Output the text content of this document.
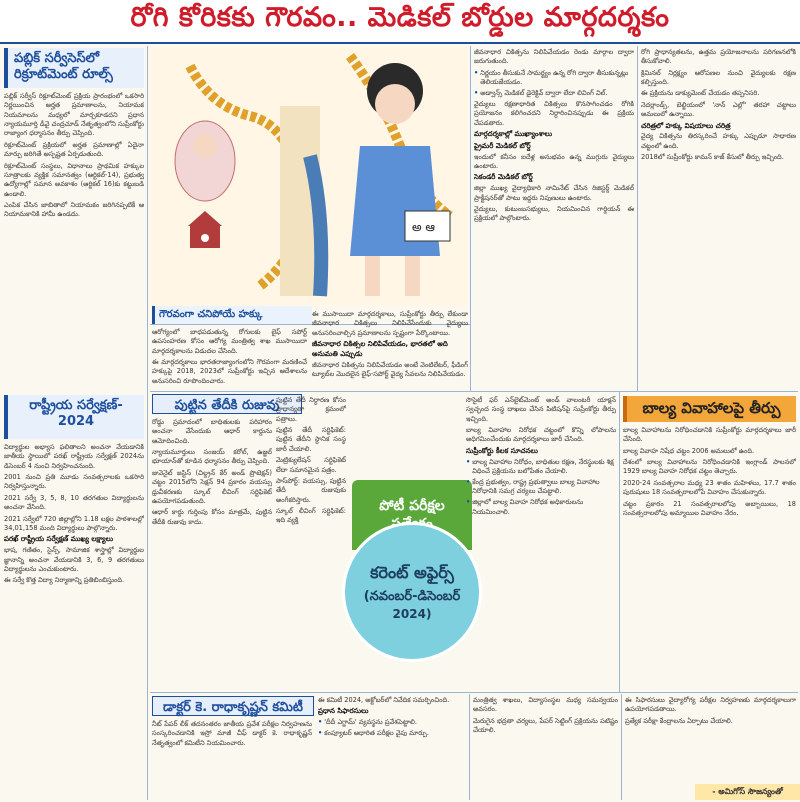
రోగి కోరికకు గౌరవం.. మెడికల్ బోర్డుల మార్గదర్శకం
పబ్లిక్ సర్వీసెస్‌లో రిక్రూట్‌మెంట్ రూల్స్

పబ్లిక్ సర్వీస్ రిక్రూట్‌మెంట్ ప్రక్రియ ప్రారంభంలో ఒకసారి నిర్ణయించిన అర్హత ప్రమాణాలను, నియామక నియమాలను మధ్యలో మార్చకూడదని ప్రధాన న్యాయమూర్తి డీవై చంద్రచూడ్ నేతృత్వంలోని సుప్రీంకోర్టు రాజ్యాంగ ధర్మాసనం తీర్పు చెప్పింది.

రిక్రూట్‌మెంట్ ప్రక్రియలో అర్హత ప్రమాణాల్లో ఏదైనా మార్పు జరిగితే అస్పష్టత ఏర్పడుతుంది.

రిక్రూట్‌మెంట్ సంస్థలు, విధానాలు ప్రాథమిక హక్కుల సూత్రాలకు వ్యక్తిక సమానత్వం (ఆర్టికల్-14), ప్రభుత్వ ఉద్యోగాల్లో సమాన అవకాశం (ఆర్టికల్ 16)కు కట్టుబడి ఉండాలి.

ఎంపిక చేసిన జాబితాలో నియామకం జరిగినప్పటికీ ఆ నియామకానికి హామీ ఉండదు.

రాష్ట్రీయ సర్వేక్షణ్-
2024

విద్యార్థుల అభ్యాస ఫలితాలని అంచనా వేయడానికి జాతీయ స్థాయిలో పరఖ్ రాష్ట్రీయ సర్వేక్షణ్ 2024ను డిసెంబర్ 4 నుంచి నిర్వహించనుంది.

2001 నుంచి ప్రతి మూడు సంవత్సరాలకు ఒకసారి నిర్వహిస్తున్నారు.

2021 సర్వే 3, 5, 8, 10 తరగతుల విద్యార్థులను అంచనా వేసింది.

2021 సర్వేలో 720 జిల్లాల్లోని 1.18 లక్షల పాఠశాలల్లో 34,01,158 మంది విద్యార్థులు పాల్గొన్నారు.

పరఖ్ రాష్ట్రీయ సర్వేక్షణ్ ముఖ్య లక్ష్యాలు

భాష, గణితం, సైన్స్, సామాజిక శాస్త్రాల్లో విద్యార్థుల జ్ఞానాన్ని అంచనా వేయడానికి 3, 6, 9 తరగతులు విద్యార్థులను ఎంచుకుంటారు.

ఈ సర్వే కొత్త విద్యా నిర్మాణాన్ని ప్రతిబింబిస్తుంది.

అ ఆ
గౌరవంగా చనిపోయే హక్కు

ఆరోగ్యంలో బాధపడుతున్న రోగులకు లైఫ్ సపోర్ట్ ఉపసంహరణ కోసం ఆరోగ్య మంత్రిత్వ శాఖ ముసాయిదా మార్గదర్శకాలను విడుదల చేసింది.

ఈ మార్గదర్శకాలు భారతరాజ్యాంగంలోని గౌరవంగా మరణించే హక్కుపై 2018, 2023లో సుప్రీంకోర్టు ఇచ్చిన ఆదేశాలను అనుసరించి రూపొందించారు.

ఈ ముసాయిదా మార్గదర్శకాలు, సుప్రీంకోర్టు తీర్పు లేకుండా జీవనాధార చికిత్సలు నిలిపివేసేందుకు వైద్యులు అనుసరించాల్సిన ప్రమాణాలను స్పష్టంగా పేర్కొంటాయి.

జీవనాధార చికిత్సల నిలిపివేయడం, భారతలో అది అనుమతి ఎప్పుడు

జీవనాధార చికిత్సను నిలిపివేయడం అంటే వెంటిలేటర్, ఫీడింగ్ ట్యూబ్‌ల మొదలైన లైఫ్-సపోర్ట్ వైద్య సేవలను నిలిపివేయడం.

జీవనాధార చికిత్సను నిలిపివేయడం రెండు మార్గాల ద్వారా జరుగుతుంది.

• నిర్ణయం తీసుకునే సామర్థ్యం ఉన్న రోగి ద్వారా తీసుకున్నట్లు తెలియజేయడం.
• అడ్వాన్స్ మెడికల్ డైరెక్టివ్ ద్వారా లేదా లివింగ్ విల్.

వైద్యులు రక్షణాధారిత చికిత్సలు కొనసాగించడం రోగికి ప్రయోజనం కలిగించదని నిర్ధారించినప్పుడు ఈ ప్రక్రియ చేపడతారు.

మార్గదర్శకాల్లో ముఖ్యాంశాలు
ప్రైమరీ మెడికల్ బోర్డ్

ఇందులో కనీసం ఐదేళ్ల అనుభవం ఉన్న ముగ్గురు వైద్యులు ఉంటారు.

సెకండరీ మెడికల్ బోర్డ్

జిల్లా ముఖ్య వైద్యాధికారి నామినేట్ చేసిన రిజిస్టర్డ్ మెడికల్ ప్రాక్టీషనర్‌తో పాటు ఇద్దరు నిపుణులు ఉంటారు.

వైద్యులు, కుటుంబసభ్యులు, నియమించిన గార్డియన్ ఈ ప్రక్రియలో పాల్గొంటారు.

రోగి ప్రాధాన్యతలను, ఉత్తమ ప్రయోజనాలను పరిగణనలోకి తీసుకోవాలి.

క్రిమినల్ నిర్లక్ష్యం ఆరోపణల నుంచి వైద్యులకు రక్షణ కల్పిస్తుంది.

ఈ ప్రక్రియను డాక్యుమెంట్ చేయడం తప్పనిసరి.

నెదర్లాండ్స్, బెల్జియంలో 'నాన్ ఎల్లో' తరహా చట్టాలు అమలులో ఉన్నాయి.

చరిత్రలో హక్కు విషయాలు చరిత్ర

వైద్య చికిత్సను తిరస్కరించే హక్కు ఎప్పుడూ సాధారణ చట్టంలో ఉంది.

2018లో సుప్రీంకోర్టు కామన్ కాజ్ కేసులో తీర్పు ఇచ్చింది.

పుట్టిన తేదీకి రుజువు

రోడ్డు ప్రమాదంలో బాధితులకు పరిహారం అంచనా వేసేందుకు ఆధార్ కార్డును ఆమోదించింది.

న్యాయమూర్తులు సంజయ్ కరోల్, ఉజ్జల్ భూయాన్‌తో కూడిన ధర్మాసనం తీర్పు చెప్పింది.

జువెనైల్ జస్టిస్ (చిల్డ్రన్ కేర్ అండ్ ప్రొటెక్షన్) చట్టం 2015లోని సెక్షన్ 94 ప్రకారం వయస్సు ధ్రువీకరణకు స్కూల్ లీవింగ్ సర్టిఫికెట్ ఉపయోగపడుతుంది.

ఆధార్ కార్డు గుర్తింపు కోసం మాత్రమే, పుట్టిన తేదీకి రుజువు కాదు.

పుట్టిన తేదీ నిర్ధారణ కోసం ప్రాధాన్యతా క్రమంలో పత్రాలు.

పుట్టిన తేదీ సర్టిఫికెట్: పుట్టిన తేదీని స్థానిక సంస్థ జారీ చేయాలి.

మెట్రిక్యులేషన్ సర్టిఫికెట్ లేదా సమానమైన పత్రం.

పాస్‌పోర్ట్: వయస్సు, పుట్టిన తేదీ రుజువుకు అంగీకరిస్తారు.

స్కూల్ లీవింగ్ సర్టిఫికెట్: ఇది వ్యక్తి

పోటీ పరీక్షల
కరెంట్ అఫైర్స్
(నవంబర్-డిసెంబర్
2024)

సొసైటీ ఫర్ ఎన్‌లైట్‌మెంట్ అండ్ వాలంటరీ యాక్షన్ స్వచ్ఛంద సంస్థ దాఖలు చేసిన పిటిషన్‌పై సుప్రీంకోర్టు తీర్పు ఇచ్చింది.

బాల్య వివాహాల నిరోధక చట్టంలో కొన్ని లోపాలను అధిగమించేందుకు మార్గదర్శకాలు జారీ చేసింది.

సుప్రీంకోర్టు కీలక సూచనలు
• బాల్య వివాహాల నిరోధం, బాధితుల రక్షణ, నేరస్థులకు శిక్ష విధించే ప్రక్రియను బలోపేతం చేయాలి.
• కేంద్ర ప్రభుత్వం, రాష్ట్ర ప్రభుత్వాలు బాల్య వివాహాల నిరోధానికి సమగ్ర చర్యలు చేపట్టాలి.
• జిల్లాలో బాల్య వివాహ నిరోధక అధికారులను నియమించాలి.
బాల్య వివాహాలపై తీర్పు

బాల్య వివాహాలను నిరోధించడానికి సుప్రీంకోర్టు మార్గదర్శకాలు జారీ చేసింది.

బాల్య వివాహ నిషేధ చట్టం 2006 అమలులో ఉంది.

దేశంలో బాల్య వివాహాలను నిరోధించడానికి ఇంగ్లాండ్ పాలనలో 1929 బాల్య వివాహ నిరోధక చట్టం తెచ్చారు.

2020-24 సంవత్సరాల మధ్య 23 శాతం మహిళలు, 17.7 శాతం పురుషులు 18 సంవత్సరాలలోపే వివాహం చేసుకున్నారు.

చట్టం ప్రకారం 21 సంవత్సరాలలోపు అబ్బాయిలు, 18 సంవత్సరాలలోపు అమ్మాయిల వివాహం నేరం.

డాక్టర్ కె. రాధాకృష్ణన్ కమిటీ

నీట్ పేపర్ లీక్ తదనంతరం జాతీయ ప్రవేశ పరీక్షల నిర్వహణను సంస్కరించడానికి ఇస్రో మాజీ చీఫ్ డాక్టర్ కె. రాధాకృష్ణన్ నేతృత్వంలో కమిటీని నియమించారు.

ఈ కమిటీ 2024, అక్టోబర్‌లో నివేదిక సమర్పించింది.

ప్రధాన సిఫారసులు
• 'దీదీ ఎగ్జామ్' వ్యవస్థను ప్రవేశపెట్టాలి.
• కంప్యూటర్ ఆధారిత పరీక్షల వైపు మార్పు.

మంత్రిత్వ శాఖలు, విద్యాసంస్థల మధ్య సమన్వయం అవసరం.

మెరుగైన భద్రతా చర్యలు, పేపర్ సెట్టింగ్ ప్రక్రియను పటిష్టం చేయాలి.

ఈ సిఫారసులు వైద్యారోగ్య పరీక్షల నిర్వహణకు మార్గదర్శకాలుగా ఉపయోగపడతాయి.

ప్రత్యేక పరీక్షా కేంద్రాలను ఏర్పాటు చేయాలి.

- అమిగోస్ సౌజన్యంతో
